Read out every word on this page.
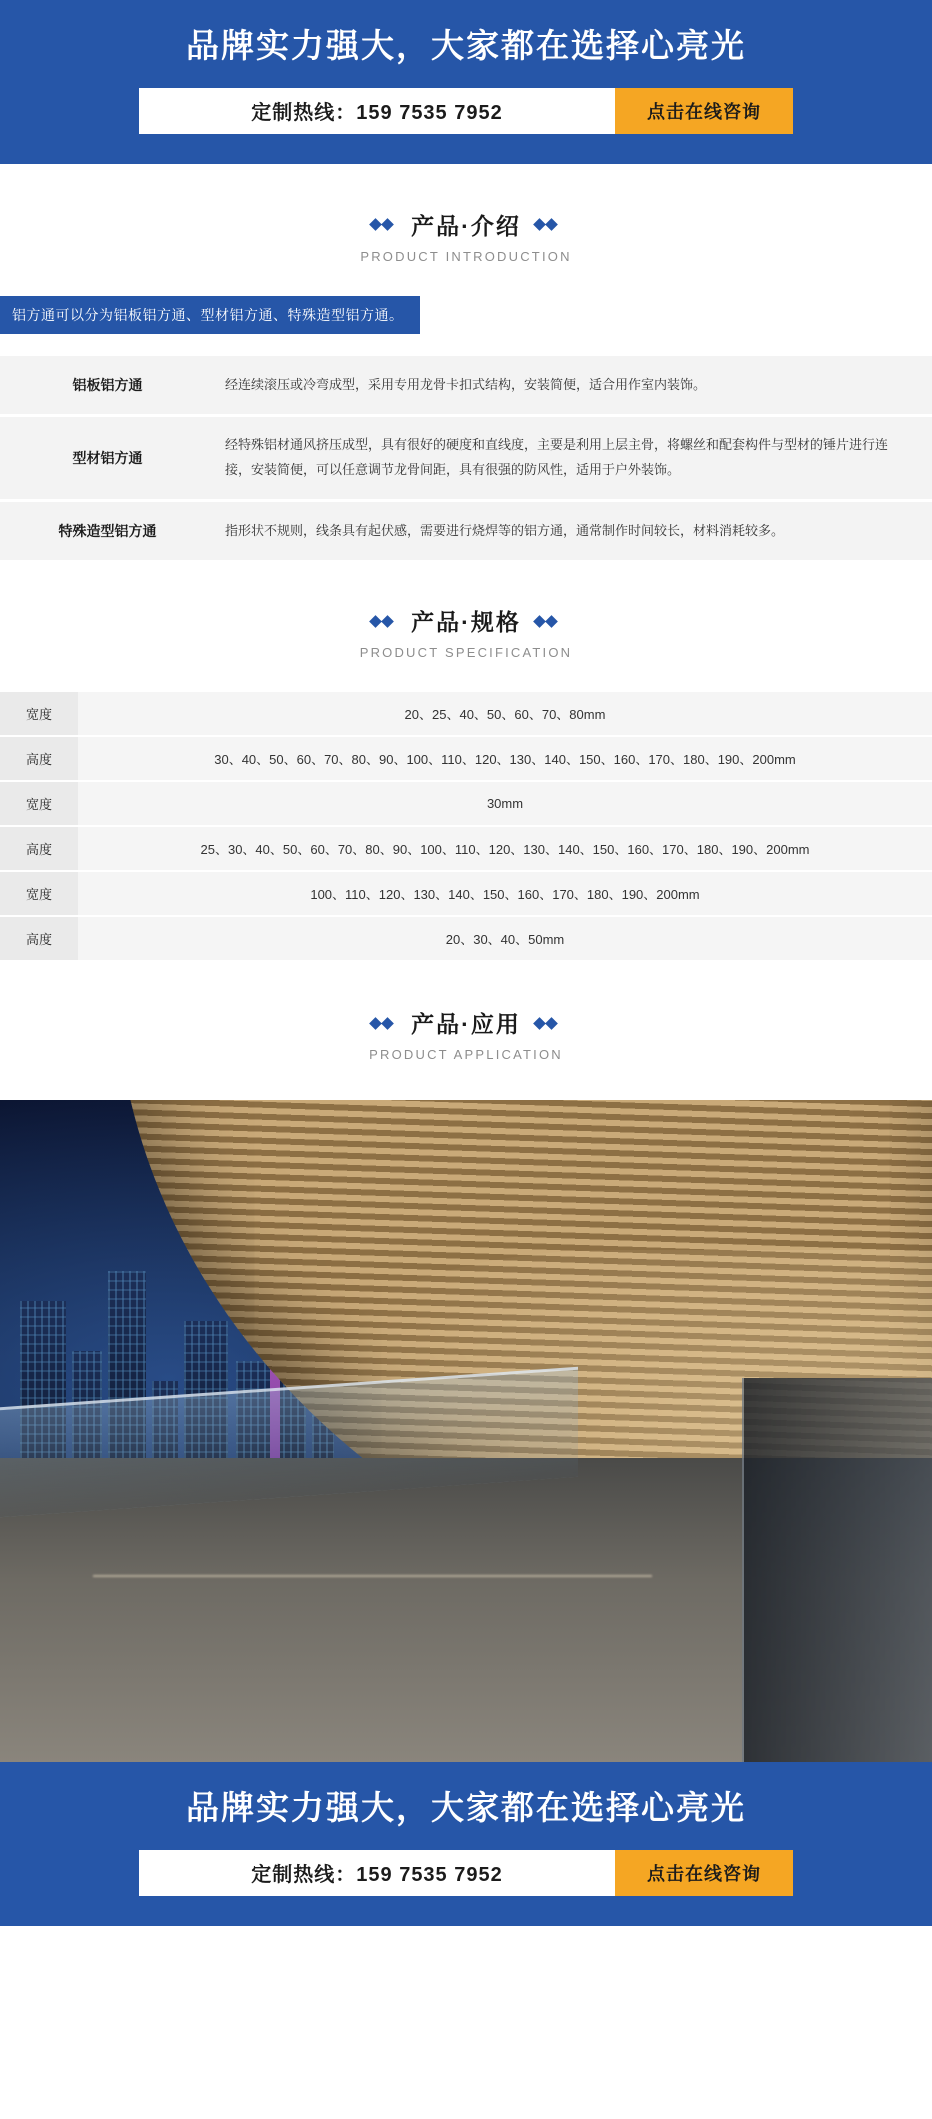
品牌实力强大，大家都在选择心亮光
定制热线：159 7535 7952	点击在线咨询
产品·介绍
PRODUCT INTRODUCTION
铝方通可以分为铝板铝方通、型材铝方通、特殊造型铝方通。
铝板铝方通	经连续滚压或冷弯成型，采用专用龙骨卡扣式结构，安装简便，适合用作室内装饰。
型材铝方通	经特殊铝材通风挤压成型，具有很好的硬度和直线度，主要是利用上层主骨，将螺丝和配套构件与型材的锤片进行连接，安装简便，可以任意调节龙骨间距，具有很强的防风性，适用于户外装饰。
特殊造型铝方通	指形状不规则，线条具有起伏感，需要进行烧焊等的铝方通，通常制作时间较长，材料消耗较多。
产品·规格
PRODUCT SPECIFICATION
宽度	20、25、40、50、60、70、80mm
高度	30、40、50、60、70、80、90、100、110、120、130、140、150、160、170、180、190、200mm
宽度	30mm
高度	25、30、40、50、60、70、80、90、100、110、120、130、140、150、160、170、180、190、200mm
宽度	100、110、120、130、140、150、160、170、180、190、200mm
高度	20、30、40、50mm
产品·应用
PRODUCT APPLICATION
品牌实力强大，大家都在选择心亮光
定制热线：159 7535 7952	点击在线咨询
